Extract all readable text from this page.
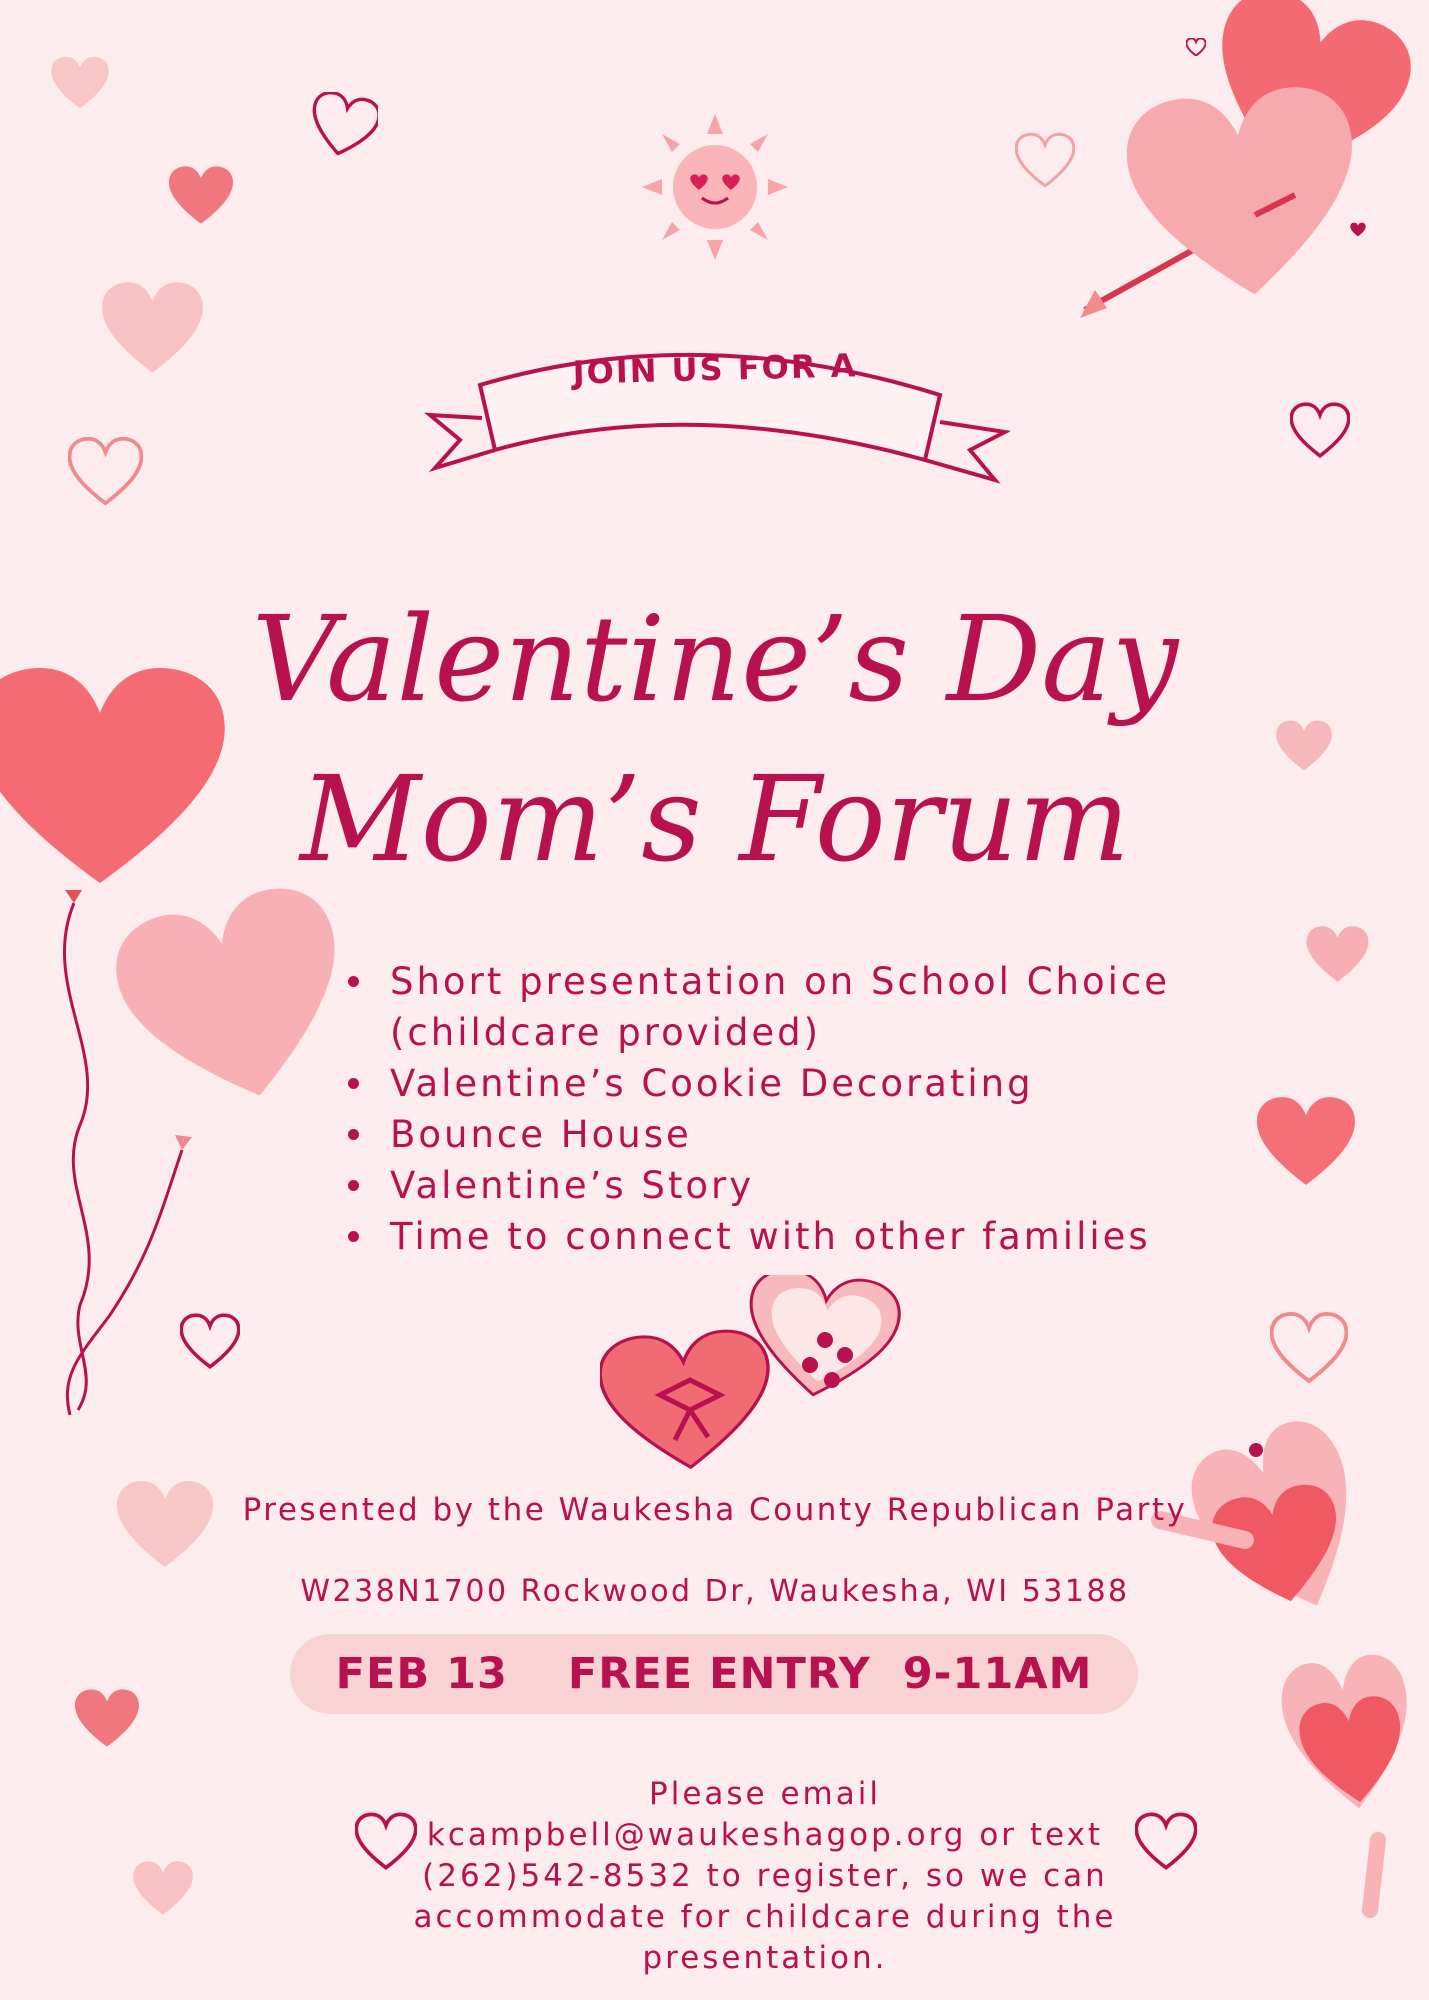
JOIN US FOR A
Valentine’s Day
Mom’s Forum
Short presentation on School Choice (childcare provided)
Valentine’s Cookie Decorating
Bounce House
Valentine’s Story
Time to connect with other families
Presented by the Waukesha County Republican Party
W238N1700 Rockwood Dr, Waukesha, WI 53188
FEB 13 FREE ENTRY 9-11AM
Please email kcampbell@waukeshagop.org or text (262)542-8532 to register, so we can accommodate for childcare during the presentation.
